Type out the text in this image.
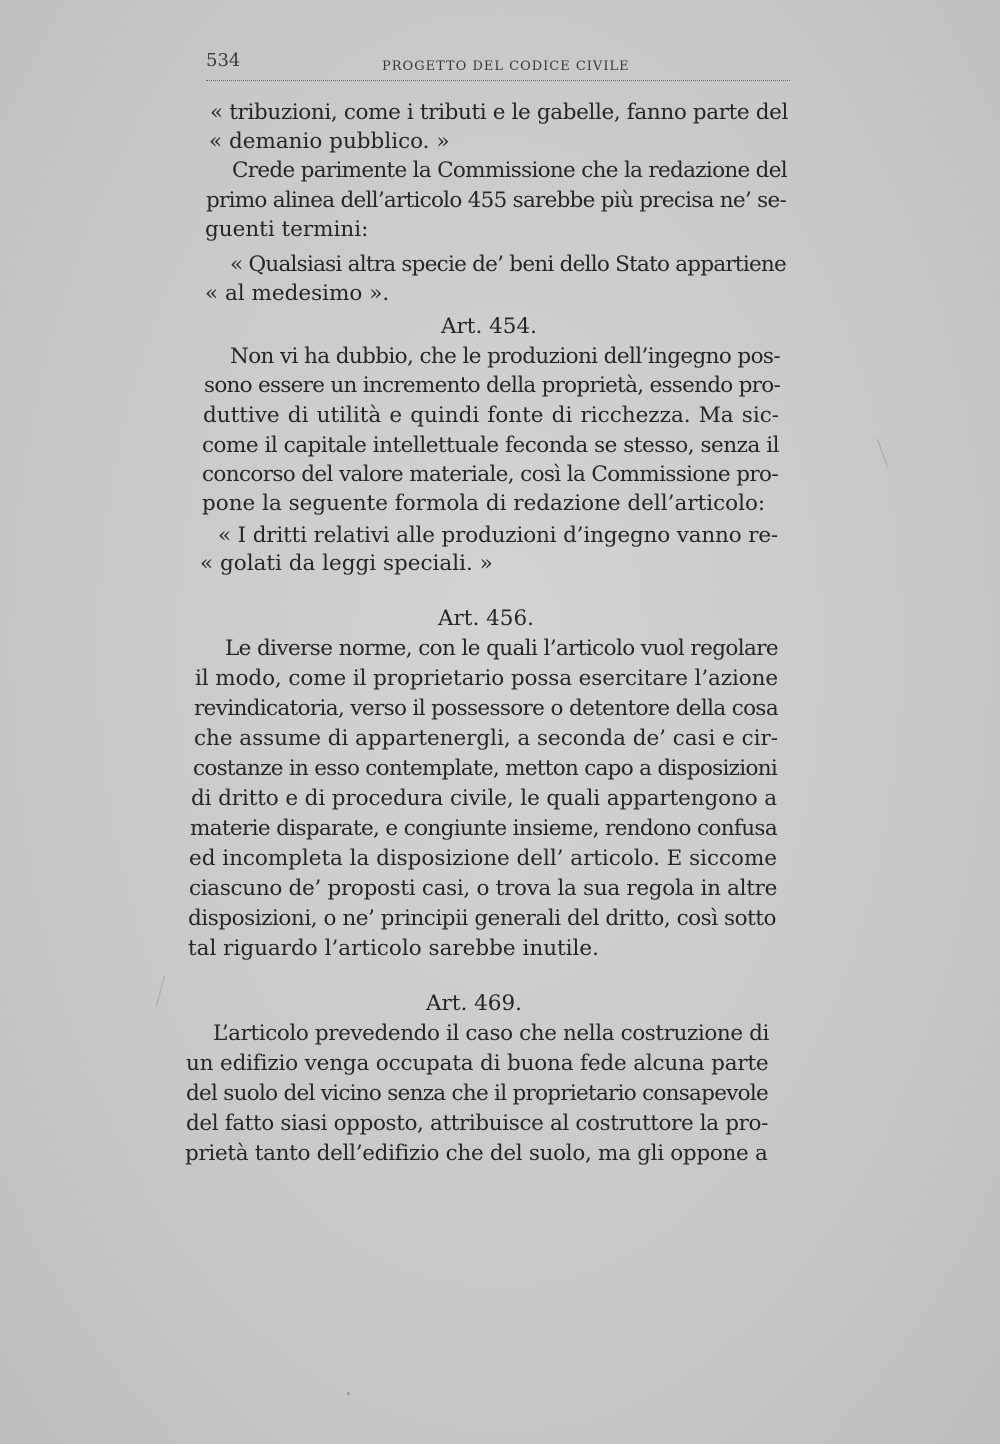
534	PROGETTO DEL CODICE CIVILE
« tribuzioni, come i tributi e le gabelle, fanno parte del
« demanio pubblico. »
Crede parimente la Commissione che la redazione del
primo alinea dell’articolo 455 sarebbe più precisa ne’ se-
guenti termini:
« Qualsiasi altra specie de’ beni dello Stato appartiene
« al medesimo ».
Art. 454.
Non vi ha dubbio, che le produzioni dell’ingegno pos-
sono essere un incremento della proprietà, essendo pro-
duttive di utilità e quindi fonte di ricchezza. Ma sic-
come il capitale intellettuale feconda se stesso, senza il
concorso del valore materiale, così la Commissione pro-
pone la seguente formola di redazione dell’articolo:
« I dritti relativi alle produzioni d’ingegno vanno re-
« golati da leggi speciali. »
Art. 456.
Le diverse norme, con le quali l’articolo vuol regolare
il modo, come il proprietario possa esercitare l’azione
revindicatoria, verso il possessore o detentore della cosa
che assume di appartenergli, a seconda de’ casi e cir-
costanze in esso contemplate, metton capo a disposizioni
di dritto e di procedura civile, le quali appartengono a
materie disparate, e congiunte insieme, rendono confusa
ed incompleta la disposizione dell’ articolo. E siccome
ciascuno de’ proposti casi, o trova la sua regola in altre
disposizioni, o ne’ principii generali del dritto, così sotto
tal riguardo l’articolo sarebbe inutile.
Art. 469.
L’articolo prevedendo il caso che nella costruzione di
un edifizio venga occupata di buona fede alcuna parte
del suolo del vicino senza che il proprietario consapevole
del fatto siasi opposto, attribuisce al costruttore la pro-
prietà tanto dell’edifizio che del suolo, ma gli oppone a
